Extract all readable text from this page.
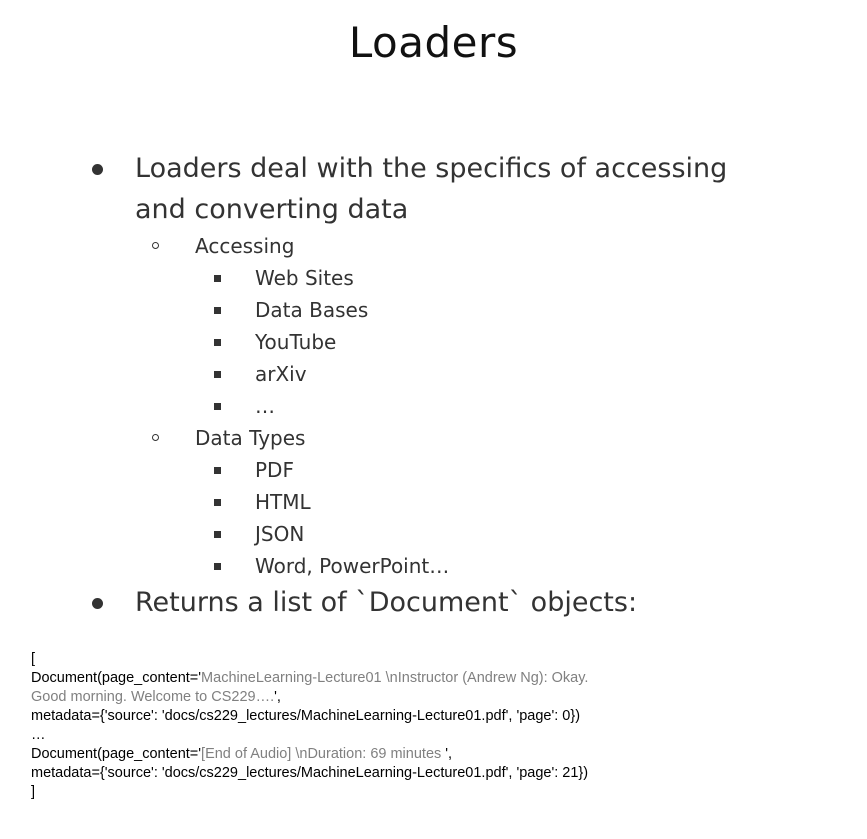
Loaders
Loaders deal with the specifics of accessing
and converting data
Accessing
Web Sites
Data Bases
YouTube
arXiv
…
Data Types
PDF
HTML
JSON
Word, PowerPoint…
Returns a list of `Document` objects:
[
Document(page_content='MachineLearning-Lecture01 \nInstructor (Andrew Ng): Okay.
Good morning. Welcome to CS229….',
metadata={'source': 'docs/cs229_lectures/MachineLearning-Lecture01.pdf', 'page': 0})
…
Document(page_content='[End of Audio] \nDuration: 69 minutes ',
metadata={'source': 'docs/cs229_lectures/MachineLearning-Lecture01.pdf', 'page': 21})
]
